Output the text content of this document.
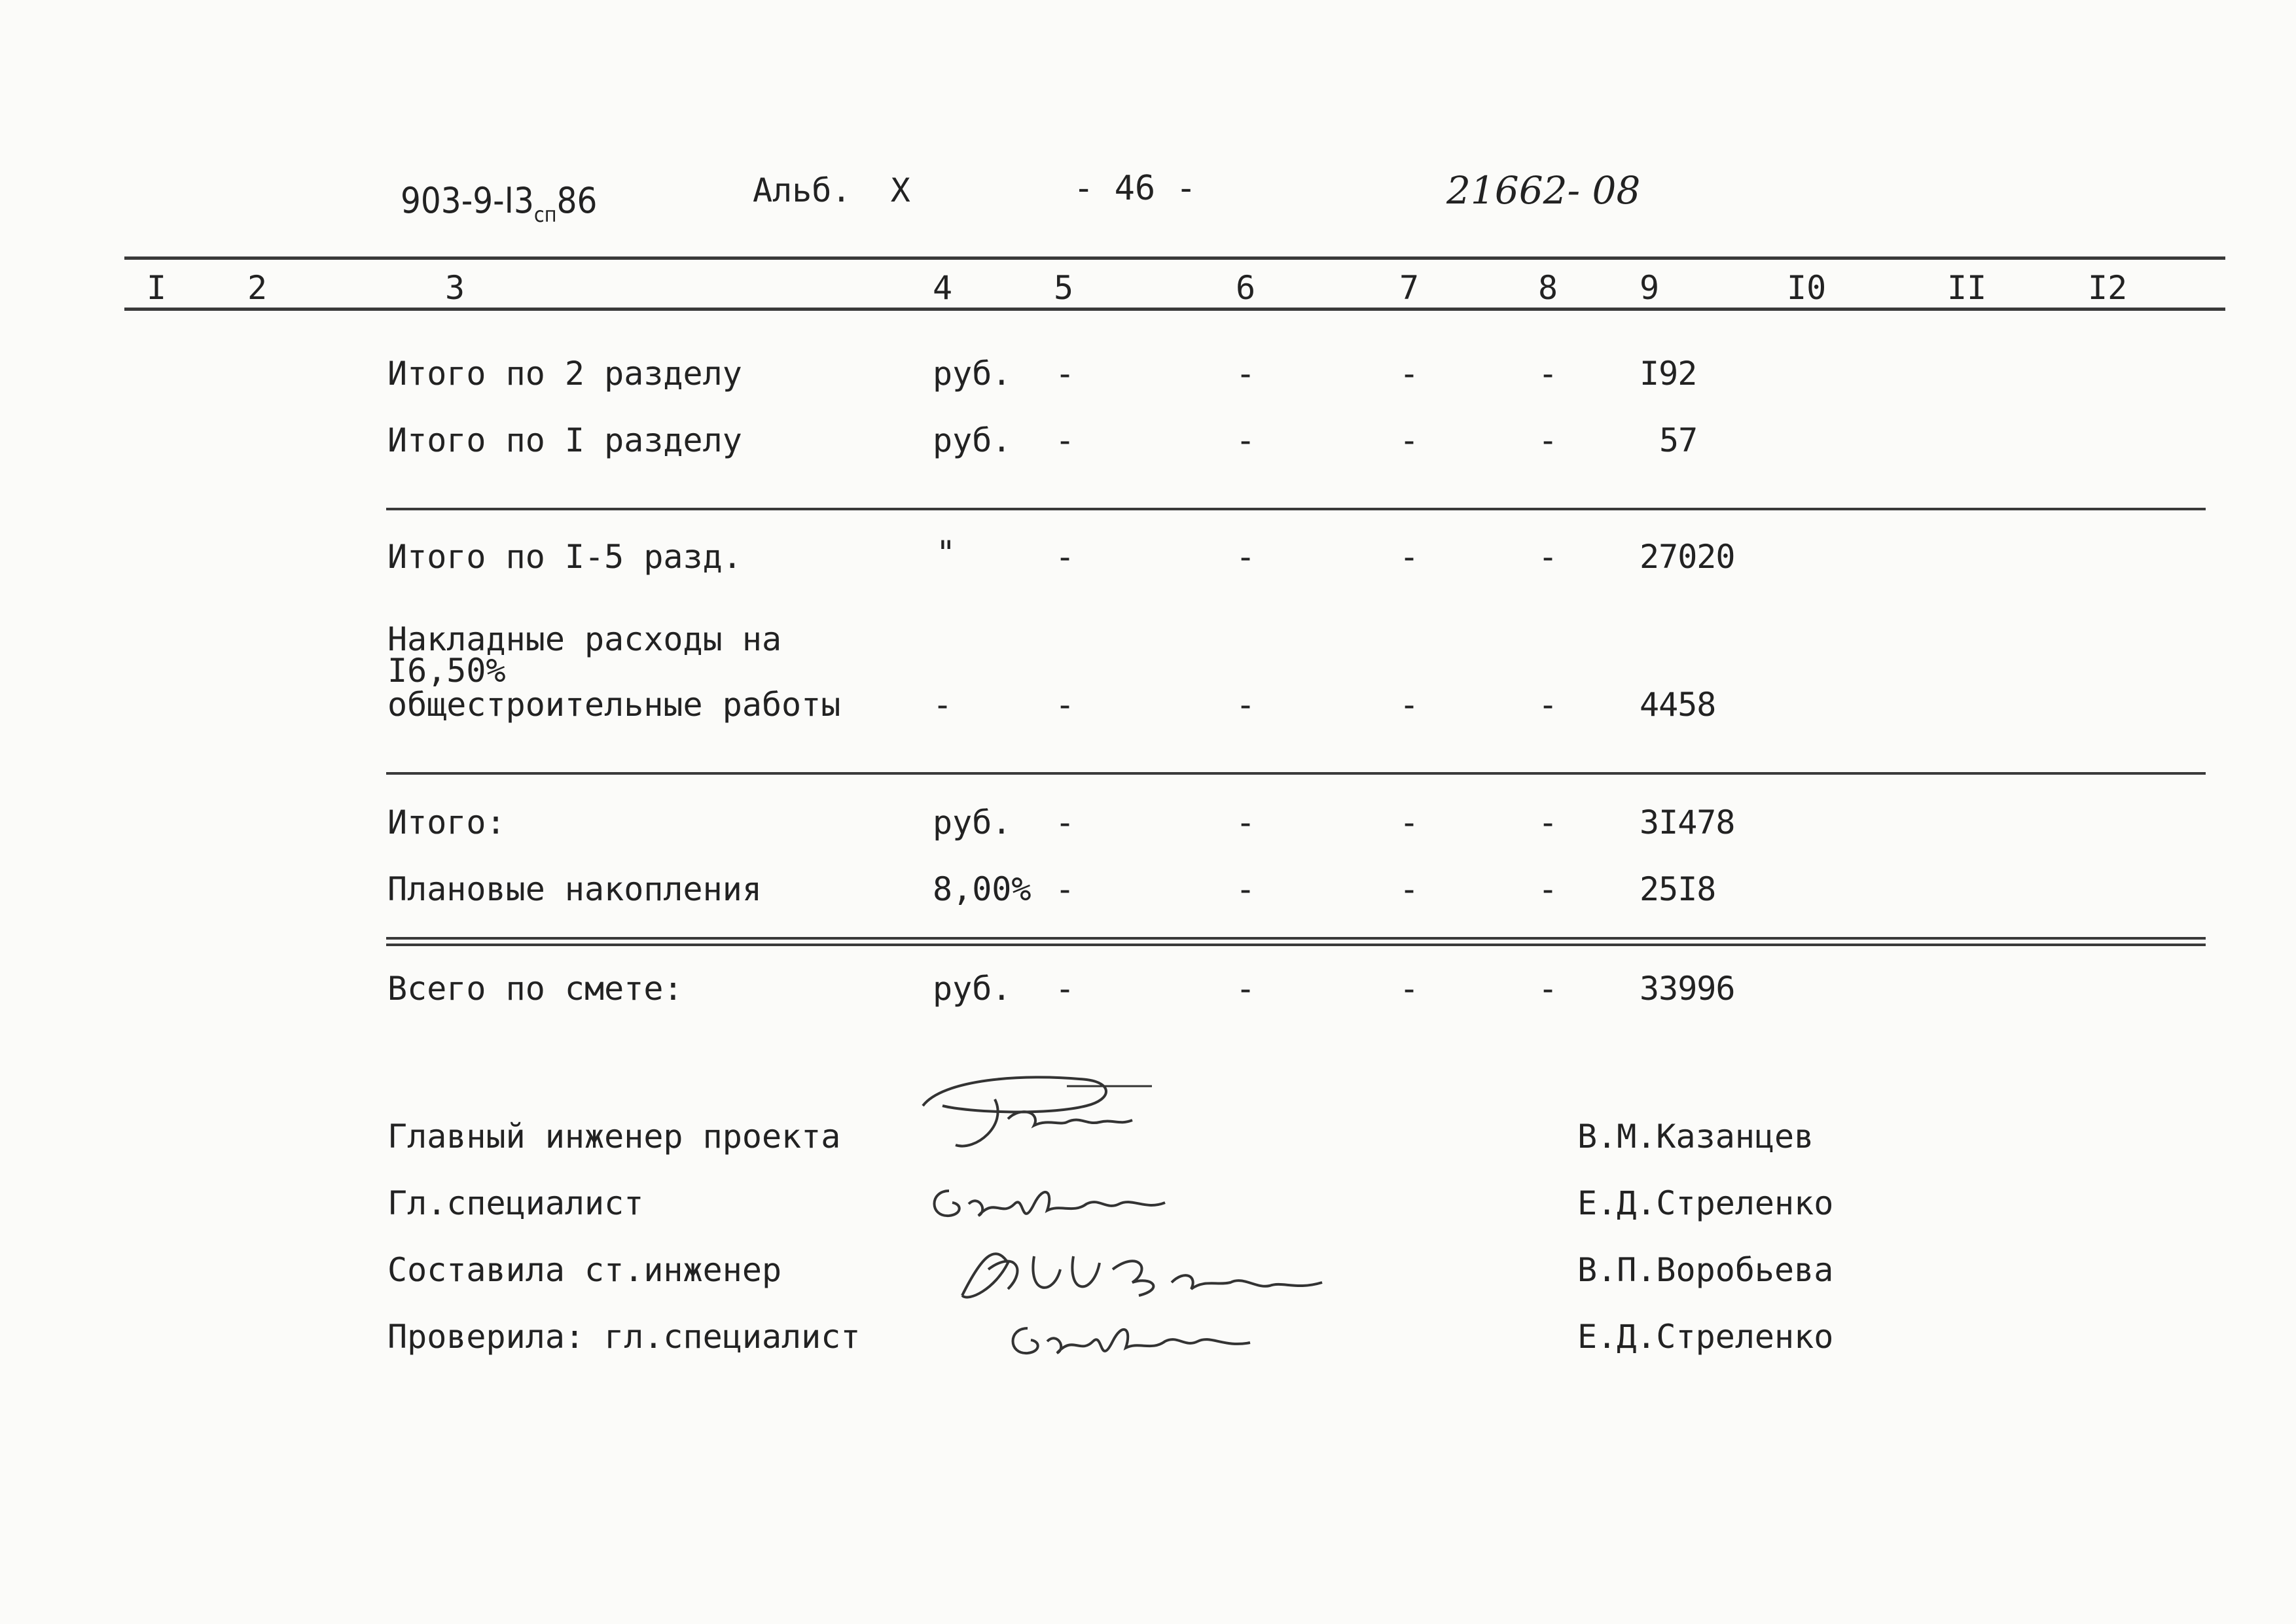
$903-9-I3_{сп}86$	Альб.  X	- 46 -	21662- 08
I 2	3	4	5	6	7	8 9	I0	II	I2
Итого по 2 разделу	руб. -	-	-	- I92
Итого по I разделу	руб. -	-	-	-	57
Итого по I-5 разд.	"	-	-	-	- 27020
Накладные расходы на
I6,50%
общестроительные работы	-	-	-	-	- 4458
Итого:	руб. -	-	-	- 3I478
Плановые накопления	8,00% -	-	-	- 25I8
Всего по смете:	руб. -	-	-	- 33996
Главный инженер проекта	В.М.Казанцев
Гл.специалист	Е.Д.Стреленко
Составила ст.инженер	В.П.Воробьева
Проверила: гл.специалист	Е.Д.Стреленко
